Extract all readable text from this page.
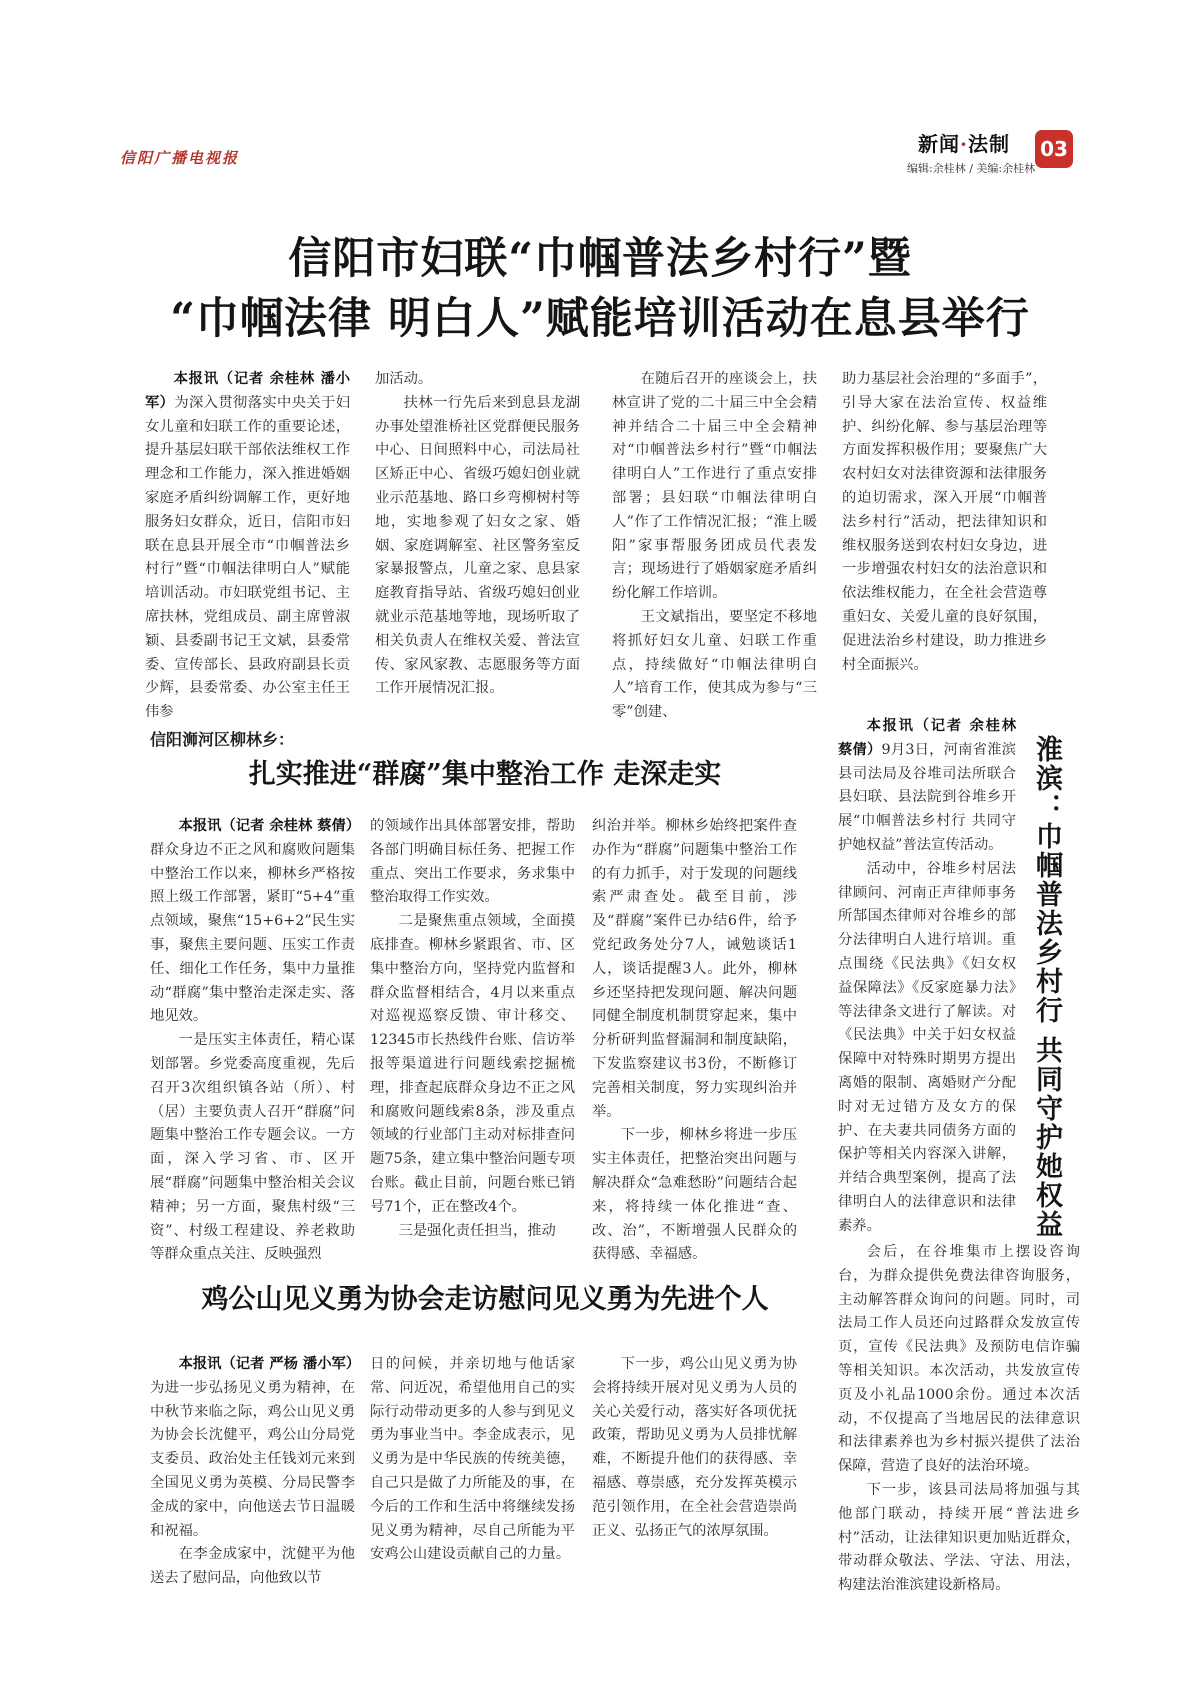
信阳广播电视报
新闻·法制
编辑:余桂林 / 美编:余桂林
03
信阳市妇联“巾帼普法乡村行”暨
“巾帼法律 明白人”赋能培训活动在息县举行

本报讯（记者 余桂林 潘小军）为深入贯彻落实中央关于妇女儿童和妇联工作的重要论述，提升基层妇联干部依法维权工作理念和工作能力，深入推进婚姻家庭矛盾纠纷调解工作，更好地服务妇女群众，近日，信阳市妇联在息县开展全市“巾帼普法乡村行”暨“巾帼法律明白人”赋能培训活动。市妇联党组书记、主席扶林，党组成员、副主席曾淑颖、县委副书记王文斌，县委常委、宣传部长、县政府副县长贡少辉，县委常委、办公室主任王伟参

加活动。

扶林一行先后来到息县龙湖办事处望淮桥社区党群便民服务中心、日间照料中心，司法局社区矫正中心、省级巧媳妇创业就业示范基地、路口乡弯柳树村等地，实地参观了妇女之家、婚姻、家庭调解室、社区警务室反家暴报警点，儿童之家、息县家庭教育指导站、省级巧媳妇创业就业示范基地等地，现场听取了相关负责人在维权关爱、普法宣传、家风家教、志愿服务等方面工作开展情况汇报。

在随后召开的座谈会上，扶林宣讲了党的二十届三中全会精神并结合二十届三中全会精神对“巾帼普法乡村行”暨“巾帼法律明白人”工作进行了重点安排部署；县妇联“巾帼法律明白人”作了工作情况汇报；“淮上暖阳”家事帮服务团成员代表发言；现场进行了婚姻家庭矛盾纠纷化解工作培训。

王文斌指出，要坚定不移地将抓好妇女儿童、妇联工作重点，持续做好“巾帼法律明白人”培育工作，使其成为参与“三零”创建、

助力基层社会治理的“多面手”，引导大家在法治宣传、权益维护、纠纷化解、参与基层治理等方面发挥积极作用；要聚焦广大农村妇女对法律资源和法律服务的迫切需求，深入开展“巾帼普法乡村行”活动，把法律知识和维权服务送到农村妇女身边，进一步增强农村妇女的法治意识和依法维权能力，在全社会营造尊重妇女、关爱儿童的良好氛围，促进法治乡村建设，助力推进乡村全面振兴。

信阳浉河区柳林乡：
扎实推进“群腐”集中整治工作 走深走实

本报讯（记者 余桂林 蔡倩）群众身边不正之风和腐败问题集中整治工作以来，柳林乡严格按照上级工作部署，紧盯“5+4”重点领域，聚焦“15+6+2”民生实事，聚焦主要问题、压实工作责任、细化工作任务，集中力量推动“群腐”集中整治走深走实、落地见效。

一是压实主体责任，精心谋划部署。乡党委高度重视，先后召开3次组织镇各站（所）、村（居）主要负责人召开“群腐”问题集中整治工作专题会议。一方面，深入学习省、市、区开展“群腐”问题集中整治相关会议精神；另一方面，聚焦村级“三资”、村级工程建设、养老救助等群众重点关注、反映强烈

的领域作出具体部署安排，帮助各部门明确目标任务、把握工作重点、突出工作要求，务求集中整治取得工作实效。

二是聚焦重点领域，全面摸底排查。柳林乡紧跟省、市、区集中整治方向，坚持党内监督和群众监督相结合，4月以来重点对巡视巡察反馈、审计移交、12345市长热线件台账、信访举报等渠道进行问题线索挖掘梳理，排查起底群众身边不正之风和腐败问题线索8条，涉及重点领域的行业部门主动对标排查问题75条，建立集中整治问题专项台账。截止目前，问题台账已销号71个，正在整改4个。

三是强化责任担当，推动

纠治并举。柳林乡始终把案件查办作为“群腐”问题集中整治工作的有力抓手，对于发现的问题线索严肃查处。截至目前，涉及“群腐”案件已办结6件，给予党纪政务处分7人，诫勉谈话1人，谈话提醒3人。此外，柳林乡还坚持把发现问题、解决问题同健全制度机制贯穿起来，集中分析研判监督漏洞和制度缺陷，下发监察建议书3份，不断修订完善相关制度，努力实现纠治并举。

下一步，柳林乡将进一步压实主体责任，把整治突出问题与解决群众“急难愁盼”问题结合起来，将持续一体化推进“查、改、治”，不断增强人民群众的获得感、幸福感。

淮滨：巾帼普法乡村行 共同守护她权益

本报讯（记者 余桂林 蔡倩）9月3日，河南省淮滨县司法局及谷堆司法所联合县妇联、县法院到谷堆乡开展“巾帼普法乡村行 共同守护她权益”普法宣传活动。

活动中，谷堆乡村居法律顾问、河南正声律师事务所郜国杰律师对谷堆乡的部分法律明白人进行培训。重点围绕《民法典》《妇女权益保障法》《反家庭暴力法》等法律条文进行了解读。对《民法典》中关于妇女权益保障中对特殊时期男方提出离婚的限制、离婚财产分配时对无过错方及女方的保护、在夫妻共同债务方面的保护等相关内容深入讲解，并结合典型案例，提高了法律明白人的法律意识和法律素养。

会后，在谷堆集市上摆设咨询台，为群众提供免费法律咨询服务，主动解答群众询问的问题。同时，司法局工作人员还向过路群众发放宣传页，宣传《民法典》及预防电信诈骗等相关知识。本次活动，共发放宣传页及小礼品1000余份。通过本次活动，不仅提高了当地居民的法律意识和法律素养也为乡村振兴提供了法治保障，营造了良好的法治环境。

下一步，该县司法局将加强与其他部门联动，持续开展“普法进乡村”活动，让法律知识更加贴近群众，带动群众敬法、学法、守法、用法，构建法治淮滨建设新格局。

鸡公山见义勇为协会走访慰问见义勇为先进个人

本报讯（记者 严杨 潘小军）为进一步弘扬见义勇为精神，在中秋节来临之际，鸡公山见义勇为协会长沈健平，鸡公山分局党支委员、政治处主任钱刘元来到全国见义勇为英模、分局民警李金成的家中，向他送去节日温暖和祝福。

在李金成家中，沈健平为他送去了慰问品，向他致以节

日的问候，并亲切地与他话家常、问近况，希望他用自己的实际行动带动更多的人参与到见义勇为事业当中。李金成表示，见义勇为是中华民族的传统美德，自己只是做了力所能及的事，在今后的工作和生活中将继续发扬见义勇为精神，尽自己所能为平安鸡公山建设贡献自己的力量。

下一步，鸡公山见义勇为协会将持续开展对见义勇为人员的关心关爱行动，落实好各项优抚政策，帮助见义勇为人员排忧解难，不断提升他们的获得感、幸福感、尊崇感，充分发挥英模示范引领作用，在全社会营造崇尚正义、弘扬正气的浓厚氛围。
